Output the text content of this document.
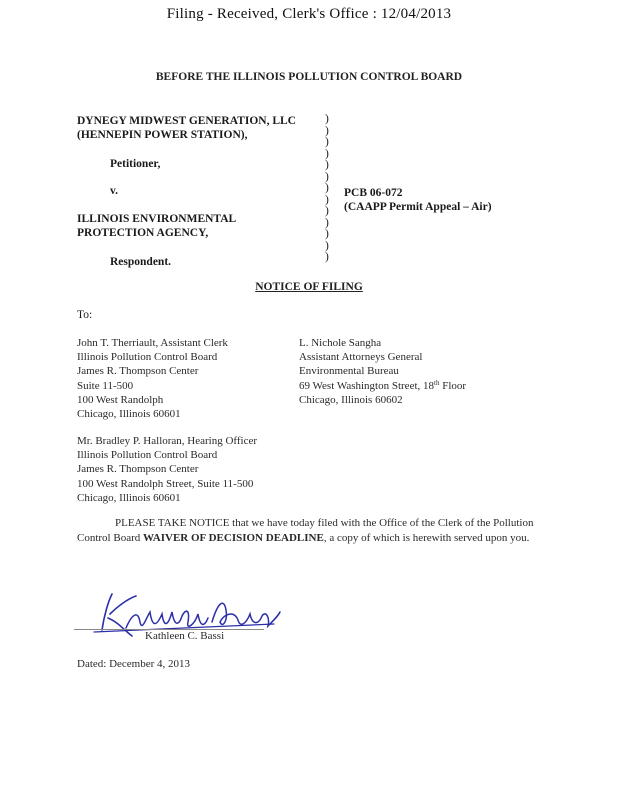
Filing - Received, Clerk's Office : 12/04/2013
BEFORE THE ILLINOIS POLLUTION CONTROL BOARD
DYNEGY MIDWEST GENERATION, LLC
(HENNEPIN POWER STATION),
Petitioner,
v.
ILLINOIS ENVIRONMENTAL
PROTECTION AGENCY,
Respondent.
)
)
)
)
)
)
)
)
)
)
)
)
)
PCB 06-072
(CAAPP Permit Appeal – Air)
NOTICE OF FILING
To:
John T. Therriault, Assistant Clerk
Illinois Pollution Control Board
James R. Thompson Center
Suite 11-500
100 West Randolph
Chicago, Illinois 60601
L. Nichole Sangha
Assistant Attorneys General
Environmental Bureau
69 West Washington Street, 18th Floor
Chicago, Illinois 60602
Mr. Bradley P. Halloran, Hearing Officer
Illinois Pollution Control Board
James R. Thompson Center
100 West Randolph Street, Suite 11-500
Chicago, Illinois 60601
PLEASE TAKE NOTICE that we have today filed with the Office of the Clerk of the Pollution Control Board WAIVER OF DECISION DEADLINE, a copy of which is herewith served upon you.
Kathleen C. Bassi
Dated: December 4, 2013
